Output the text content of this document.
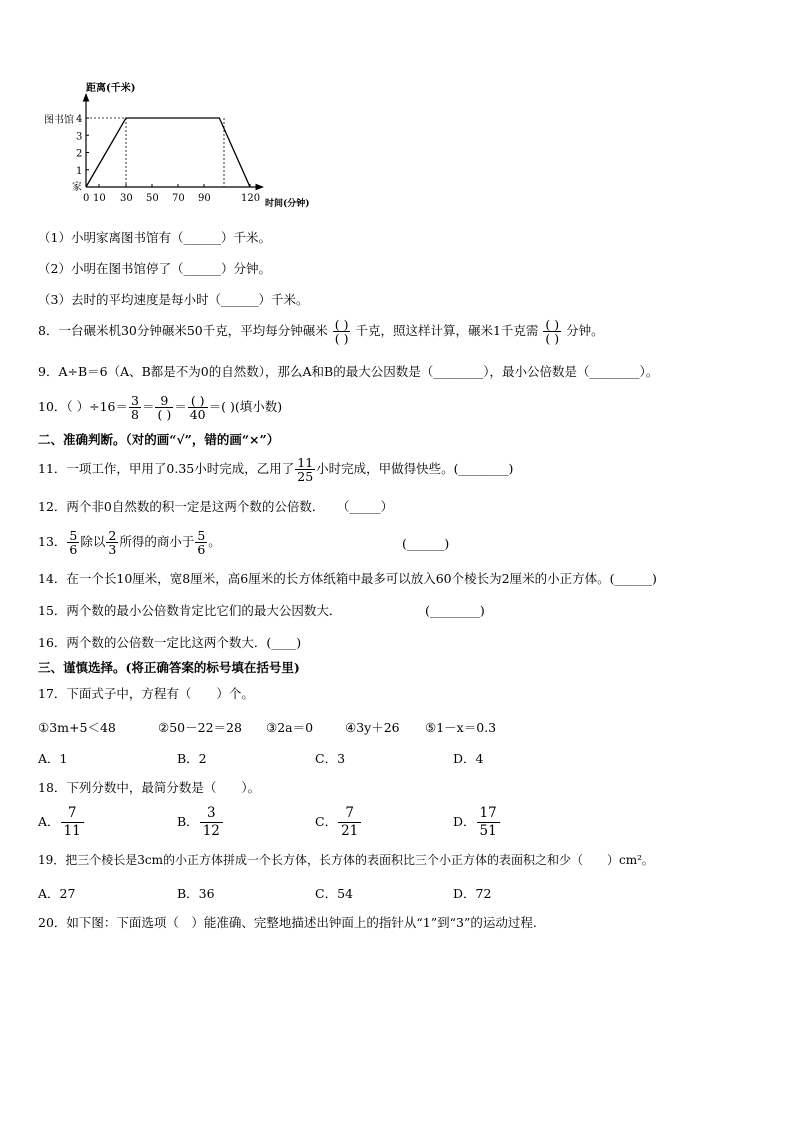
距离(千米)
时间(分钟)
图书馆
家
1
2
3
4
0 10 30 50 70 90	120
（1）小明家离图书馆有（______）千米。
（2）小明在图书馆停了（______）分钟。
（3）去时的平均速度是每小时（______）千米。
8．一台碾米机30分钟碾米50千克，平均每分钟碾米 $\frac{( )}{( )}$ 千克，照这样计算，碾米1千克需 $\frac{( )}{( )}$ 分钟。
9．A÷B＝6（A、B都是不为0的自然数），那么A和B的最大公因数是（________），最小公倍数是（________）。
10．（ ）$\div 16= \frac{3}{8} = \frac{9}{( )} = \frac{( )}{40}$ ＝( )(填小数)
二、准确判断。（对的画“√”，错的画“×”）
11．一项工作，甲用了0.35小时完成，乙用了 $\frac{11}{25}$ 小时完成，甲做得快些。(________)
12．两个非0自然数的积一定是这两个数的公倍数．　　（_____）
13． $\frac{5}{6}$ 除以 $\frac{2}{3}$ 所得的商小于 $\frac{5}{6}$ 。	(______)
14．在一个长10厘米，宽8厘米，高6厘米的长方体纸箱中最多可以放入60个棱长为2厘米的小正方体。(______)
15．两个数的最小公倍数肯定比它们的最大公因数大．	(________)
16．两个数的公倍数一定比这两个数大．(____)
三、谨慎选择。(将正确答案的标号填在括号里)
17．下面式子中，方程有（　　）个。
①3m+5＜48	②50－22＝28 ③2a＝0	④3y＋26 ⑤1－x＝0.3
A．1	B．2	C．3	D．4
18．下列分数中，最简分数是（　　）。
A． $\frac{7}{11}$	B． $\frac{3}{12}$	C． $\frac{7}{21}$	D． $\frac{17}{51}$
19．把三个棱长是3cm的小正方体拼成一个长方体，长方体的表面积比三个小正方体的表面积之和少（　　）cm²。
A．27	B．36	C．54	D．72
20．如下图：下面选项（　）能准确、完整地描述出钟面上的指针从“1”到“3”的运动过程.
